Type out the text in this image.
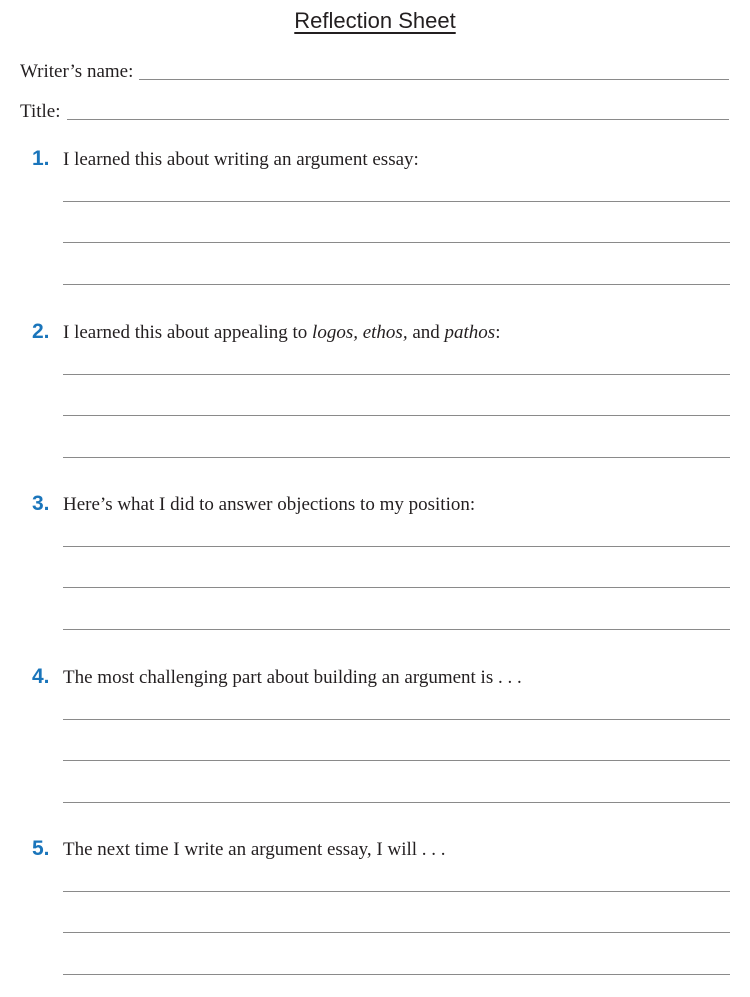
Reflection Sheet
Writer’s name:
Title:
1. I learned this about writing an argument essay:
2. I learned this about appealing to logos, ethos, and pathos:
3. Here’s what I did to answer objections to my position:
4. The most challenging part about building an argument is . . .
5. The next time I write an argument essay, I will . . .
